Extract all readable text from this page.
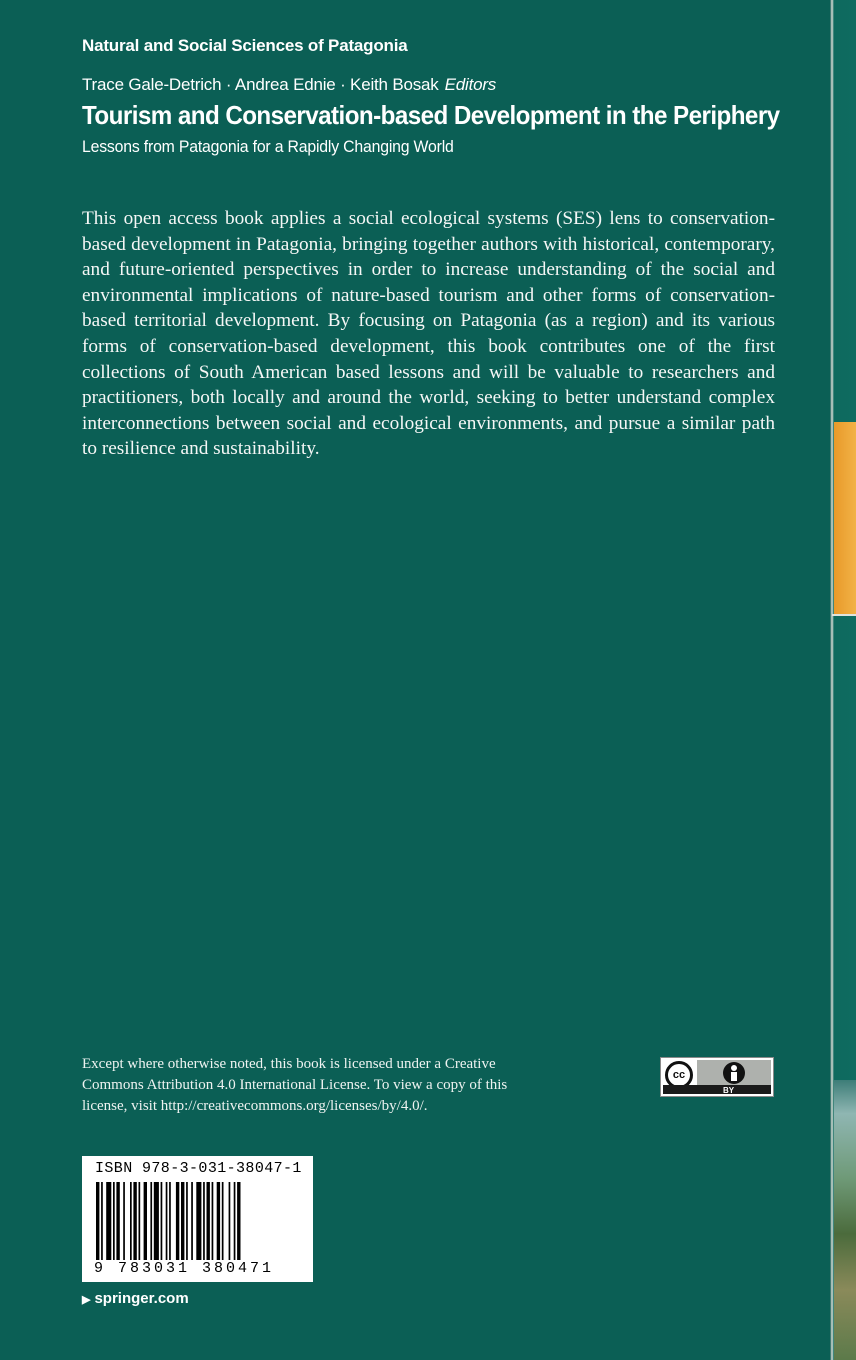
Natural and Social Sciences of Patagonia
Trace Gale-Detrich · Andrea Ednie · Keith Bosak Editors
Tourism and Conservation-based Development in the Periphery
Lessons from Patagonia for a Rapidly Changing World
This open access book applies a social ecological systems (SES) lens to conservation-based development in Patagonia, bringing together authors with historical, contemporary, and future-oriented perspectives in order to increase understanding of the social and environmental implications of nature-based tourism and other forms of conservation-based territorial development. By focusing on Patagonia (as a region) and its various forms of conservation-based development, this book contributes one of the first collections of South American based lessons and will be valuable to researchers and practitioners, both locally and around the world, seeking to better understand complex interconnections between social and ecological environments, and pursue a similar path to resilience and sustainability.
Except where otherwise noted, this book is licensed under a Creative Commons Attribution 4.0 International License. To view a copy of this license, visit http://creativecommons.org/licenses/by/4.0/.
cc
BY
ISBN 978-3-031-38047-1
9 783031 380471
▶ springer.com
